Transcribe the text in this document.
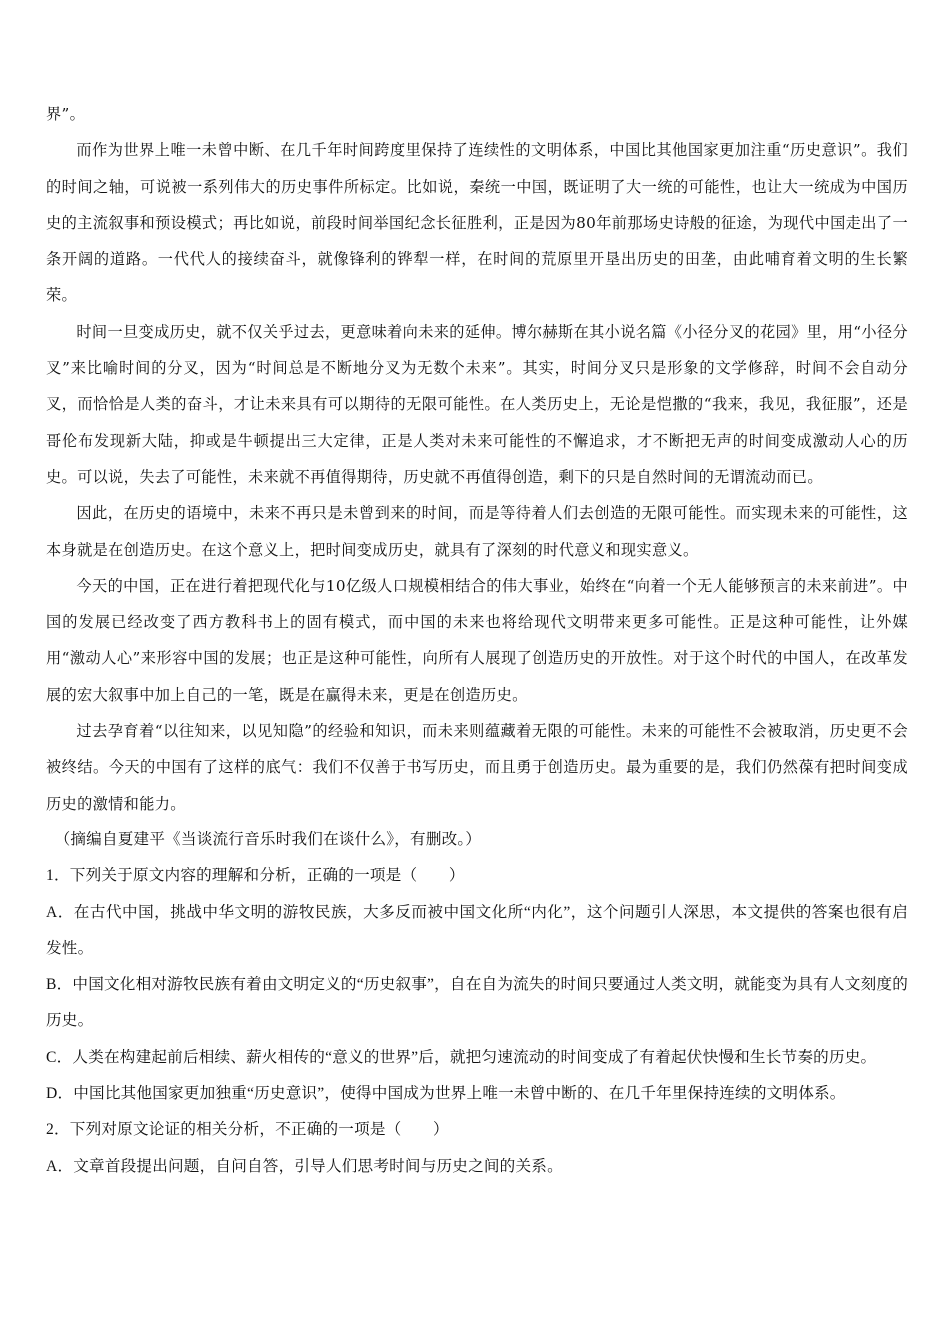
界”。

而作为世界上唯一未曾中断、在几千年时间跨度里保持了连续性的文明体系，中国比其他国家更加注重“历史意识”。我们的时间之轴，可说被一系列伟大的历史事件所标定。比如说，秦统一中国，既证明了大一统的可能性，也让大一统成为中国历史的主流叙事和预设模式；再比如说，前段时间举国纪念长征胜利，正是因为80年前那场史诗般的征途，为现代中国走出了一条开阔的道路。一代代人的接续奋斗，就像锋利的铧犁一样，在时间的荒原里开垦出历史的田垄，由此哺育着文明的生长繁荣。

时间一旦变成历史，就不仅关乎过去，更意味着向未来的延伸。博尔赫斯在其小说名篇《小径分叉的花园》里，用“小径分叉”来比喻时间的分叉，因为“时间总是不断地分叉为无数个未来”。其实，时间分叉只是形象的文学修辞，时间不会自动分叉，而恰恰是人类的奋斗，才让未来具有可以期待的无限可能性。在人类历史上，无论是恺撒的“我来，我见，我征服”，还是哥伦布发现新大陆，抑或是牛顿提出三大定律，正是人类对未来可能性的不懈追求，才不断把无声的时间变成激动人心的历史。可以说，失去了可能性，未来就不再值得期待，历史就不再值得创造，剩下的只是自然时间的无谓流动而已。

因此，在历史的语境中，未来不再只是未曾到来的时间，而是等待着人们去创造的无限可能性。而实现未来的可能性，这本身就是在创造历史。在这个意义上，把时间变成历史，就具有了深刻的时代意义和现实意义。

今天的中国，正在进行着把现代化与10亿级人口规模相结合的伟大事业，始终在“向着一个无人能够预言的未来前进”。中国的发展已经改变了西方教科书上的固有模式，而中国的未来也将给现代文明带来更多可能性。正是这种可能性，让外媒用“激动人心”来形容中国的发展；也正是这种可能性，向所有人展现了创造历史的开放性。对于这个时代的中国人，在改革发展的宏大叙事中加上自己的一笔，既是在赢得未来，更是在创造历史。

过去孕育着“以往知来，以见知隐”的经验和知识，而未来则蕴藏着无限的可能性。未来的可能性不会被取消，历史更不会被终结。今天的中国有了这样的底气：我们不仅善于书写历史，而且勇于创造历史。最为重要的是，我们仍然葆有把时间变成历史的激情和能力。

（摘编自夏建平《当谈流行音乐时我们在谈什么》，有删改。）

1．下列关于原文内容的理解和分析，正确的一项是（　　）

A．在古代中国，挑战中华文明的游牧民族，大多反而被中国文化所“内化”，这个问题引人深思，本文提供的答案也很有启发性。

B．中国文化相对游牧民族有着由文明定义的“历史叙事”，自在自为流失的时间只要通过人类文明，就能变为具有人文刻度的历史。

C．人类在构建起前后相续、薪火相传的“意义的世界”后，就把匀速流动的时间变成了有着起伏快慢和生长节奏的历史。

D．中国比其他国家更加独重“历史意识”，使得中国成为世界上唯一未曾中断的、在几千年里保持连续的文明体系。

2．下列对原文论证的相关分析，不正确的一项是（　　）

A．文章首段提出问题，自问自答，引导人们思考时间与历史之间的关系。
